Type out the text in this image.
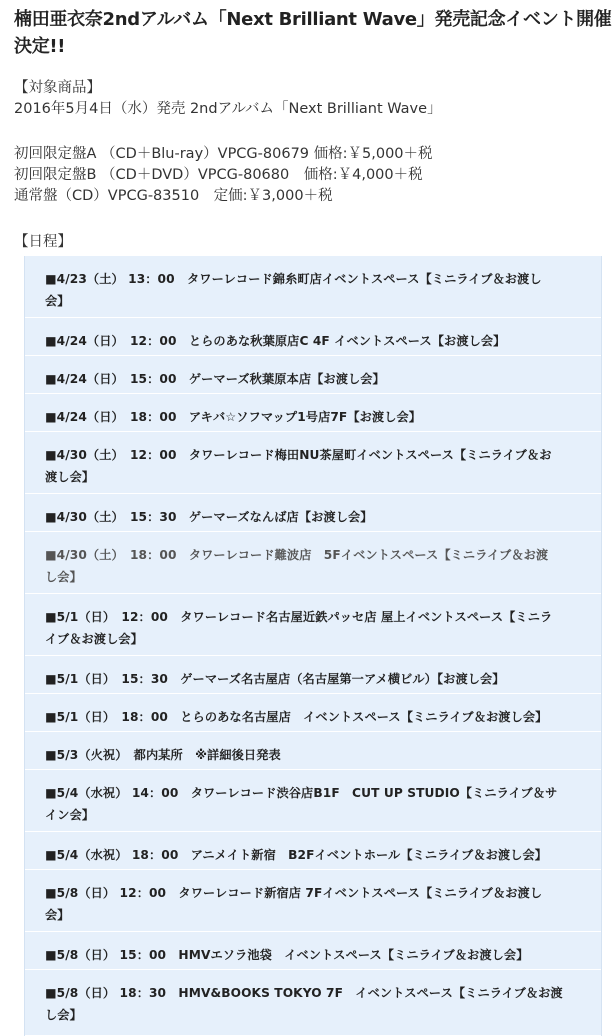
楠田亜衣奈2ndアルバム「Next Brilliant Wave」発売記念イベント開催
決定!!
【対象商品】
2016年5月4日（水）発売 2ndアルバム「Next Brilliant Wave」
初回限定盤A （CD＋Blu-ray）VPCG-80679 価格:￥5,000＋税
初回限定盤B （CD＋DVD）VPCG-80680　価格:￥4,000＋税
通常盤（CD）VPCG-83510　定価:￥3,000＋税
【日程】
■4/23（土） 13：00　タワーレコード錦糸町店イベントスペース【ミニライブ＆お渡し
会】
■4/24（日）　12：00　とらのあな秋葉原店C 4F イベントスペース【お渡し会】
■4/24（日）　15：00　ゲーマーズ秋葉原本店【お渡し会】
■4/24（日）　18：00　アキバ☆ソフマップ1号店7F【お渡し会】
■4/30（土）　12：00　タワーレコード梅田NU茶屋町イベントスペース【ミニライブ＆お
渡し会】
■4/30（土）　15：30　ゲーマーズなんば店【お渡し会】
■4/30（土）　18：00　タワーレコード難波店　5Fイベントスペース【ミニライブ＆お渡
し会】
■5/1（日）　12：00　タワーレコード名古屋近鉄パッセ店 屋上イベントスペース【ミニラ
イブ＆お渡し会】
■5/1（日）　15：30　ゲーマーズ名古屋店（名古屋第一アメ横ビル）【お渡し会】
■5/1（日）　18：00　とらのあな名古屋店　イベントスペース【ミニライブ＆お渡し会】
■5/3（火祝）　都内某所　※詳細後日発表
■5/4（水祝） 14：00　タワーレコード渋谷店B1F　CUT UP STUDIO【ミニライブ＆サ
イン会】
■5/4（水祝） 18：00　アニメイト新宿　B2Fイベントホール【ミニライブ＆お渡し会】
■5/8（日） 12：00　タワーレコード新宿店 7Fイベントスペース【ミニライブ＆お渡し
会】
■5/8（日） 15：00　HMVエソラ池袋　イベントスペース【ミニライブ＆お渡し会】
■5/8（日） 18：30　HMV&BOOKS TOKYO 7F　イベントスペース【ミニライブ＆お渡
し会】
